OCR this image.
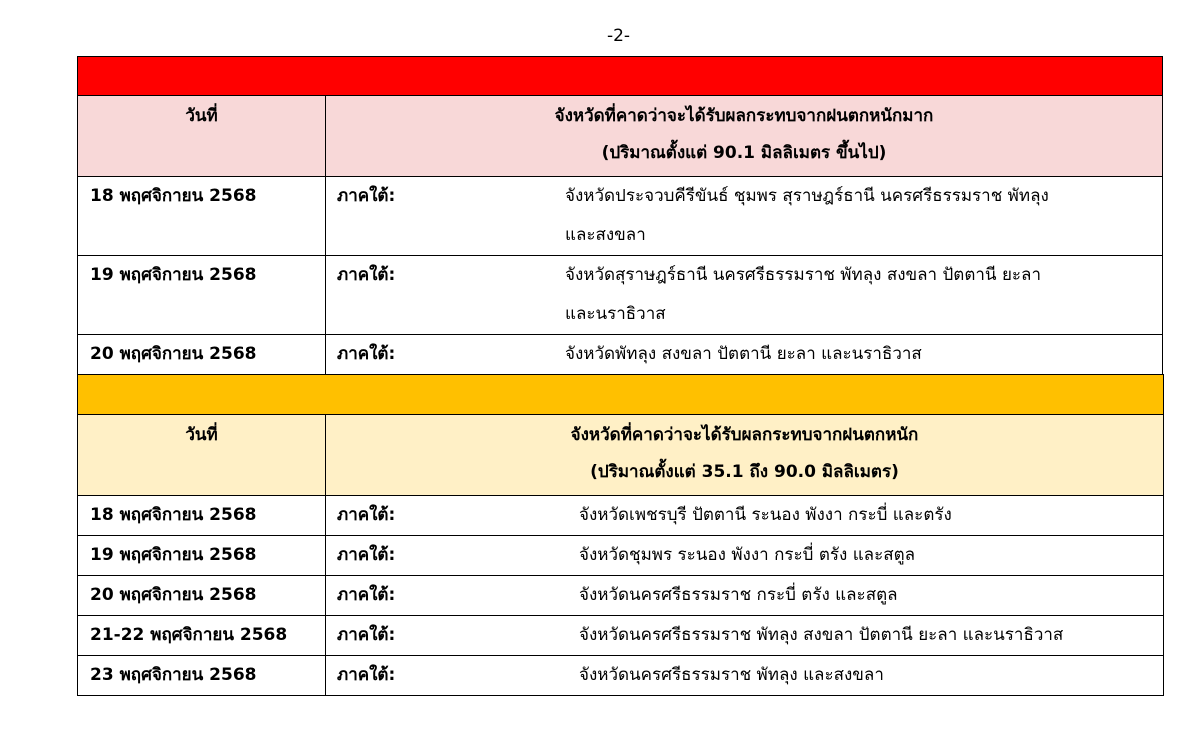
-2-

วันที่	จังหวัดที่คาดว่าจะได้รับผลกระทบจากฝนตกหนักมาก
(ปริมาณตั้งแต่ 90.1 มิลลิเมตร ขึ้นไป)

18 พฤศจิกายน 2568	ภาคใต้: จังหวัดประจวบคีรีขันธ์ ชุมพร สุราษฎร์ธานี นครศรีธรรมราช พัทลุง
และสงขลา

19 พฤศจิกายน 2568	ภาคใต้: จังหวัดสุราษฎร์ธานี นครศรีธรรมราช พัทลุง สงขลา ปัตตานี ยะลา
และนราธิวาส

20 พฤศจิกายน 2568	ภาคใต้: จังหวัดพัทลุง สงขลา ปัตตานี ยะลา และนราธิวาส

วันที่	จังหวัดที่คาดว่าจะได้รับผลกระทบจากฝนตกหนัก
(ปริมาณตั้งแต่ 35.1 ถึง 90.0 มิลลิเมตร)

18 พฤศจิกายน 2568	ภาคใต้: จังหวัดเพชรบุรี ปัตตานี ระนอง พังงา กระบี่ และตรัง

19 พฤศจิกายน 2568	ภาคใต้: จังหวัดชุมพร ระนอง พังงา กระบี่ ตรัง และสตูล

20 พฤศจิกายน 2568	ภาคใต้: จังหวัดนครศรีธรรมราช กระบี่ ตรัง และสตูล

21-22 พฤศจิกายน 2568	ภาคใต้: จังหวัดนครศรีธรรมราช พัทลุง สงขลา ปัตตานี ยะลา และนราธิวาส

23 พฤศจิกายน 2568	ภาคใต้: จังหวัดนครศรีธรรมราช พัทลุง และสงขลา
